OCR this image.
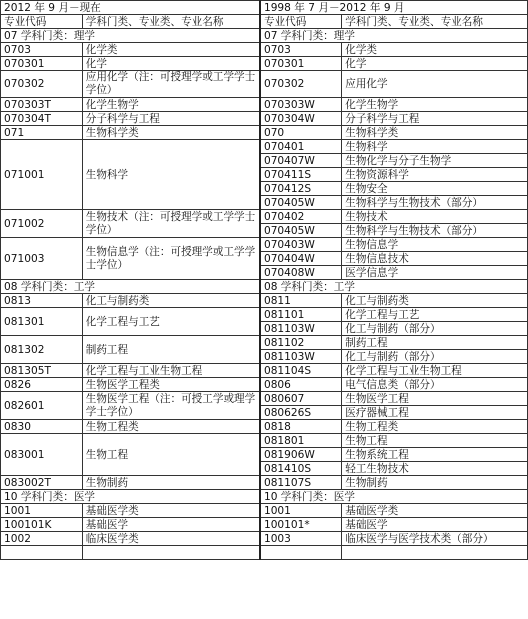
2012 年 9 月－现在		1998 年 7 月－2012 年 9 月	
专业代码	学科门类、专业类、专业名称	专业代码	学科门类、专业类、专业名称
07 学科门类：理学		07 学科门类：理学	
0703	化学类	0703	化学类
070301	化学	070301	化学
070302	应用化学（注：可授理学或工学学士学位）	070302	应用化学
070303T	化学生物学	070303W	化学生物学
070304T	分子科学与工程	070304W	分子科学与工程
071	生物科学类	070	生物科学类
071001	生物科学	070401	生物科学
		070407W	生物化学与分子生物学
		070411S	生物资源科学
		070412S	生物安全
		070405W	生物科学与生物技术（部分）
071002	生物技术（注：可授理学或工学学士学位）	070402	生物技术
		070405W	生物科学与生物技术（部分）
071003	生物信息学（注：可授理学或工学学士学位）	070403W	生物信息学
		070404W	生物信息技术
		070408W	医学信息学
08 学科门类：工学		08 学科门类：工学	
0813	化工与制药类	0811	化工与制药类
081301	化学工程与工艺	081101	化学工程与工艺
		081103W	化工与制药（部分）
081302	制药工程	081102	制药工程
		081103W	化工与制药（部分）
081305T	化学工程与工业生物工程	081104S	化学工程与工业生物工程
0826	生物医学工程类	0806	电气信息类（部分）
082601	生物医学工程（注：可授工学或理学学士学位）	080607	生物医学工程
		080626S	医疗器械工程
0830	生物工程类	0818	生物工程类
083001	生物工程	081801	生物工程
		081906W	生物系统工程
		081410S	轻工生物技术
083002T	生物制药	081107S	生物制药
10 学科门类：医学		10 学科门类：医学	
1001	基础医学类	1001	基础医学类
100101K	基础医学	100101*	基础医学
1002	临床医学类	1003	临床医学与医学技术类（部分）
